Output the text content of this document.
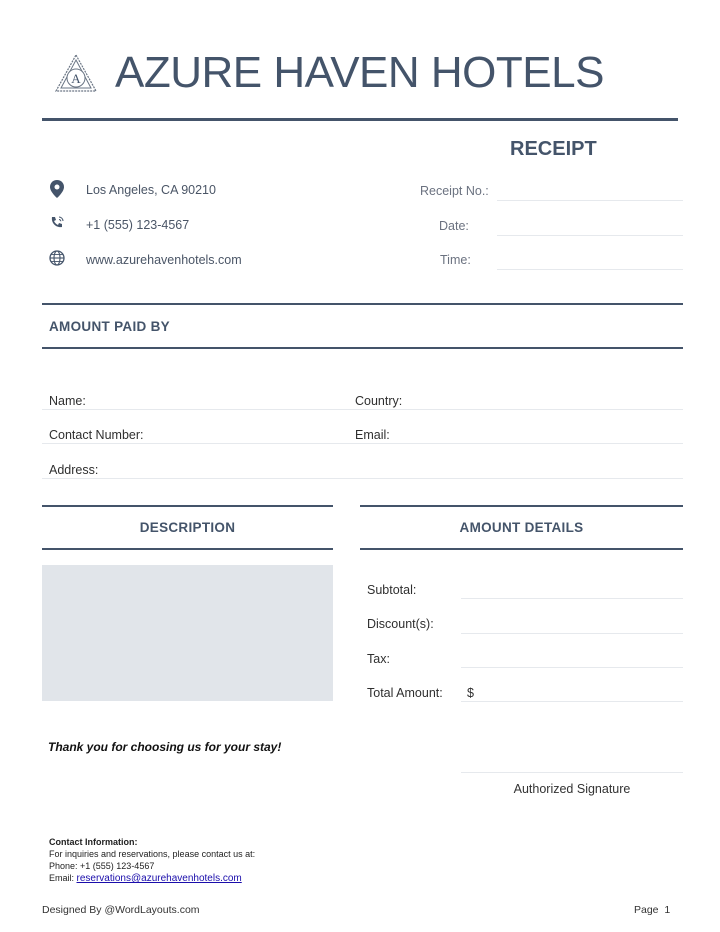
A AZURE HAVEN HOTELS
Los Angeles, CA 90210
+1 (555) 123-4567
www.azurehavenhotels.com
RECEIPT
Receipt No.:
Date:
Time:
AMOUNT PAID BY
Name:	Country:
Contact Number:	Email:
Address:
DESCRIPTION	AMOUNT DETAILS
Subtotal:
Discount(s):
Tax:
Total Amount: $
Thank you for choosing us for your stay!
Authorized Signature
Contact Information:
For inquiries and reservations, please contact us at:
Phone: +1 (555) 123-4567
Email: reservations@azurehavenhotels.com
Designed By @WordLayouts.com	Page  1
